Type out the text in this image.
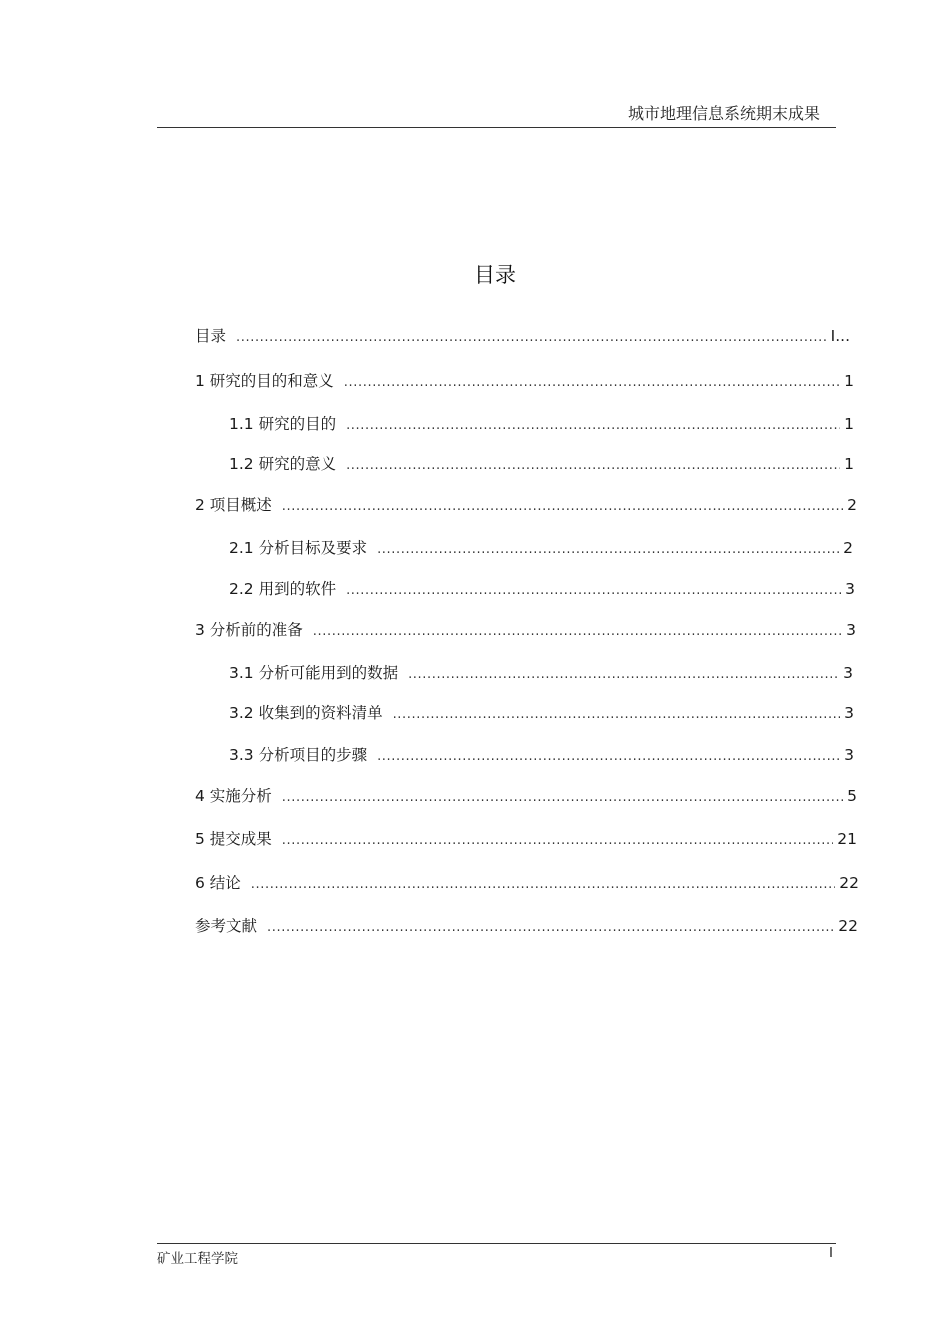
城市地理信息系统期末成果
目录
目录 .....	I...
1 研究的目的和意义 .....	1
1.1 研究的目的 .....	1
1.2 研究的意义 .....	1
2 项目概述 .....	2
2.1 分析目标及要求 .....	2
2.2 用到的软件 .....	3
3 分析前的准备 .....	3
3.1 分析可能用到的数据 .....	3
3.2 收集到的资料清单 .....	3
3.3 分析项目的步骤 .....	3
4 实施分析 .....	5
5 提交成果 .....	21
6 结论 .....	22
参考文献 .....	22
矿业工程学院	I
